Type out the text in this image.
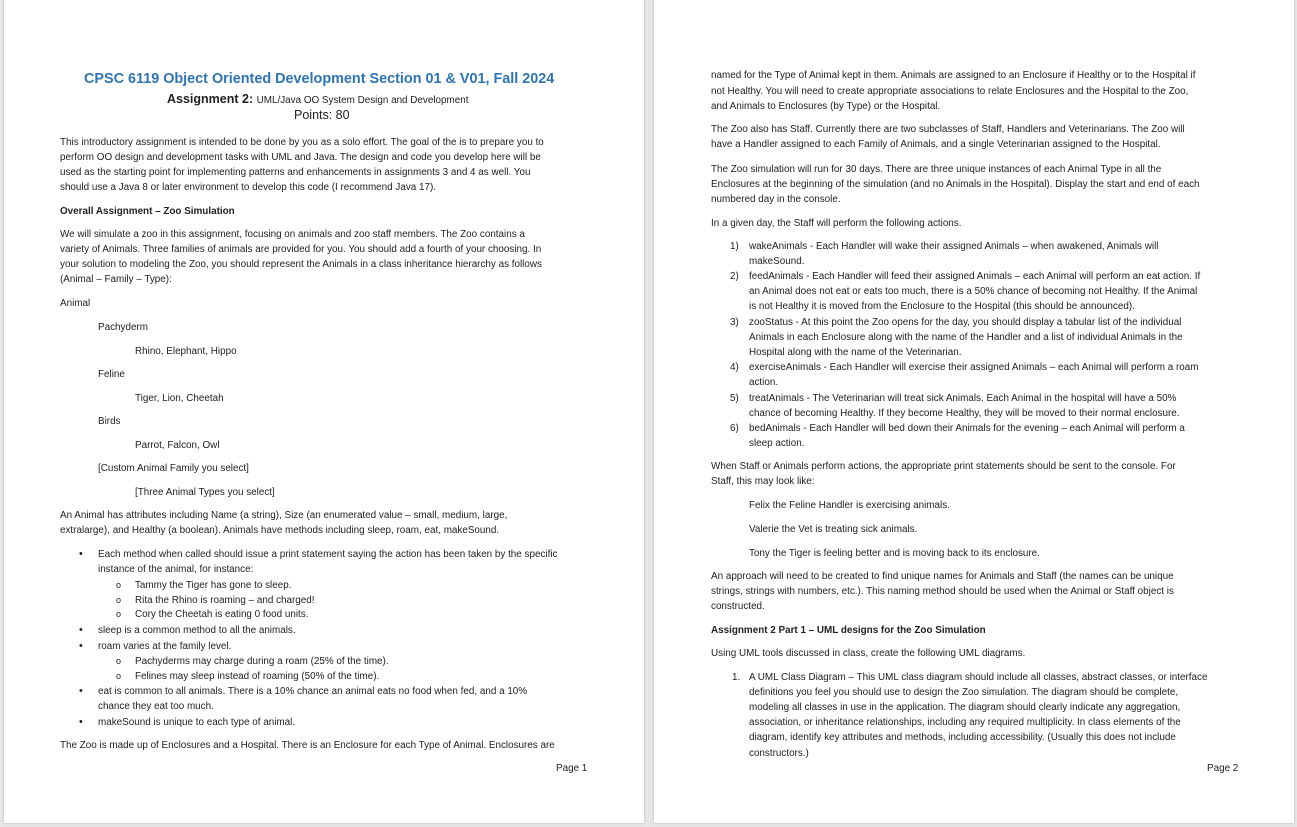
CPSC 6119 Object Oriented Development Section 01 & V01, Fall 2024
Assignment 2: UML/Java OO System Design and Development
Points: 80
This introductory assignment is intended to be done by you as a solo effort. The goal of the is to prepare you to
perform OO design and development tasks with UML and Java. The design and code you develop here will be
used as the starting point for implementing patterns and enhancements in assignments 3 and 4 as well. You
should use a Java 8 or later environment to develop this code (I recommend Java 17).
Overall Assignment – Zoo Simulation
We will simulate a zoo in this assignment, focusing on animals and zoo staff members. The Zoo contains a
variety of Animals. Three families of animals are provided for you. You should add a fourth of your choosing. In
your solution to modeling the Zoo, you should represent the Animals in a class inheritance hierarchy as follows
(Animal – Family – Type):
Animal
Pachyderm
Rhino, Elephant, Hippo
Feline
Tiger, Lion, Cheetah
Birds
Parrot, Falcon, Owl
[Custom Animal Family you select]
[Three Animal Types you select]
An Animal has attributes including Name (a string), Size (an enumerated value – small, medium, large,
extralarge), and Healthy (a boolean). Animals have methods including sleep, roam, eat, makeSound.
• Each method when called should issue a print statement saying the action has been taken by the specific
instance of the animal, for instance:
o Tammy the Tiger has gone to sleep.
o Rita the Rhino is roaming – and charged!
o Cory the Cheetah is eating 0 food units.
• sleep is a common method to all the animals.
• roam varies at the family level.
o Pachyderms may charge during a roam (25% of the time).
o Felines may sleep instead of roaming (50% of the time).
• eat is common to all animals. There is a 10% chance an animal eats no food when fed, and a 10%
chance they eat too much.
• makeSound is unique to each type of animal.
The Zoo is made up of Enclosures and a Hospital. There is an Enclosure for each Type of Animal. Enclosures are
Page 1
named for the Type of Animal kept in them. Animals are assigned to an Enclosure if Healthy or to the Hospital if
not Healthy. You will need to create appropriate associations to relate Enclosures and the Hospital to the Zoo,
and Animals to Enclosures (by Type) or the Hospital.
The Zoo also has Staff. Currently there are two subclasses of Staff, Handlers and Veterinarians. The Zoo will
have a Handler assigned to each Family of Animals, and a single Veterinarian assigned to the Hospital.
The Zoo simulation will run for 30 days. There are three unique instances of each Animal Type in all the
Enclosures at the beginning of the simulation (and no Animals in the Hospital). Display the start and end of each
numbered day in the console.
In a given day, the Staff will perform the following actions.
1) wakeAnimals - Each Handler will wake their assigned Animals – when awakened, Animals will
makeSound.
2) feedAnimals - Each Handler will feed their assigned Animals – each Animal will perform an eat action. If
an Animal does not eat or eats too much, there is a 50% chance of becoming not Healthy. If the Animal
is not Healthy it is moved from the Enclosure to the Hospital (this should be announced).
3) zooStatus - At this point the Zoo opens for the day, you should display a tabular list of the individual
Animals in each Enclosure along with the name of the Handler and a list of individual Animals in the
Hospital along with the name of the Veterinarian.
4) exerciseAnimals - Each Handler will exercise their assigned Animals – each Animal will perform a roam
action.
5) treatAnimals - The Veterinarian will treat sick Animals. Each Animal in the hospital will have a 50%
chance of becoming Healthy. If they become Healthy, they will be moved to their normal enclosure.
6) bedAnimals - Each Handler will bed down their Animals for the evening – each Animal will perform a
sleep action.
When Staff or Animals perform actions, the appropriate print statements should be sent to the console. For
Staff, this may look like:
Felix the Feline Handler is exercising animals.
Valerie the Vet is treating sick animals.
Tony the Tiger is feeling better and is moving back to its enclosure.
An approach will need to be created to find unique names for Animals and Staff (the names can be unique
strings, strings with numbers, etc.). This naming method should be used when the Animal or Staff object is
constructed.
Assignment 2 Part 1 – UML designs for the Zoo Simulation
Using UML tools discussed in class, create the following UML diagrams.
1. A UML Class Diagram – This UML class diagram should include all classes, abstract classes, or interface
definitions you feel you should use to design the Zoo simulation. The diagram should be complete,
modeling all classes in use in the application. The diagram should clearly indicate any aggregation,
association, or inheritance relationships, including any required multiplicity. In class elements of the
diagram, identify key attributes and methods, including accessibility. (Usually this does not include
constructors.)
Page 2
